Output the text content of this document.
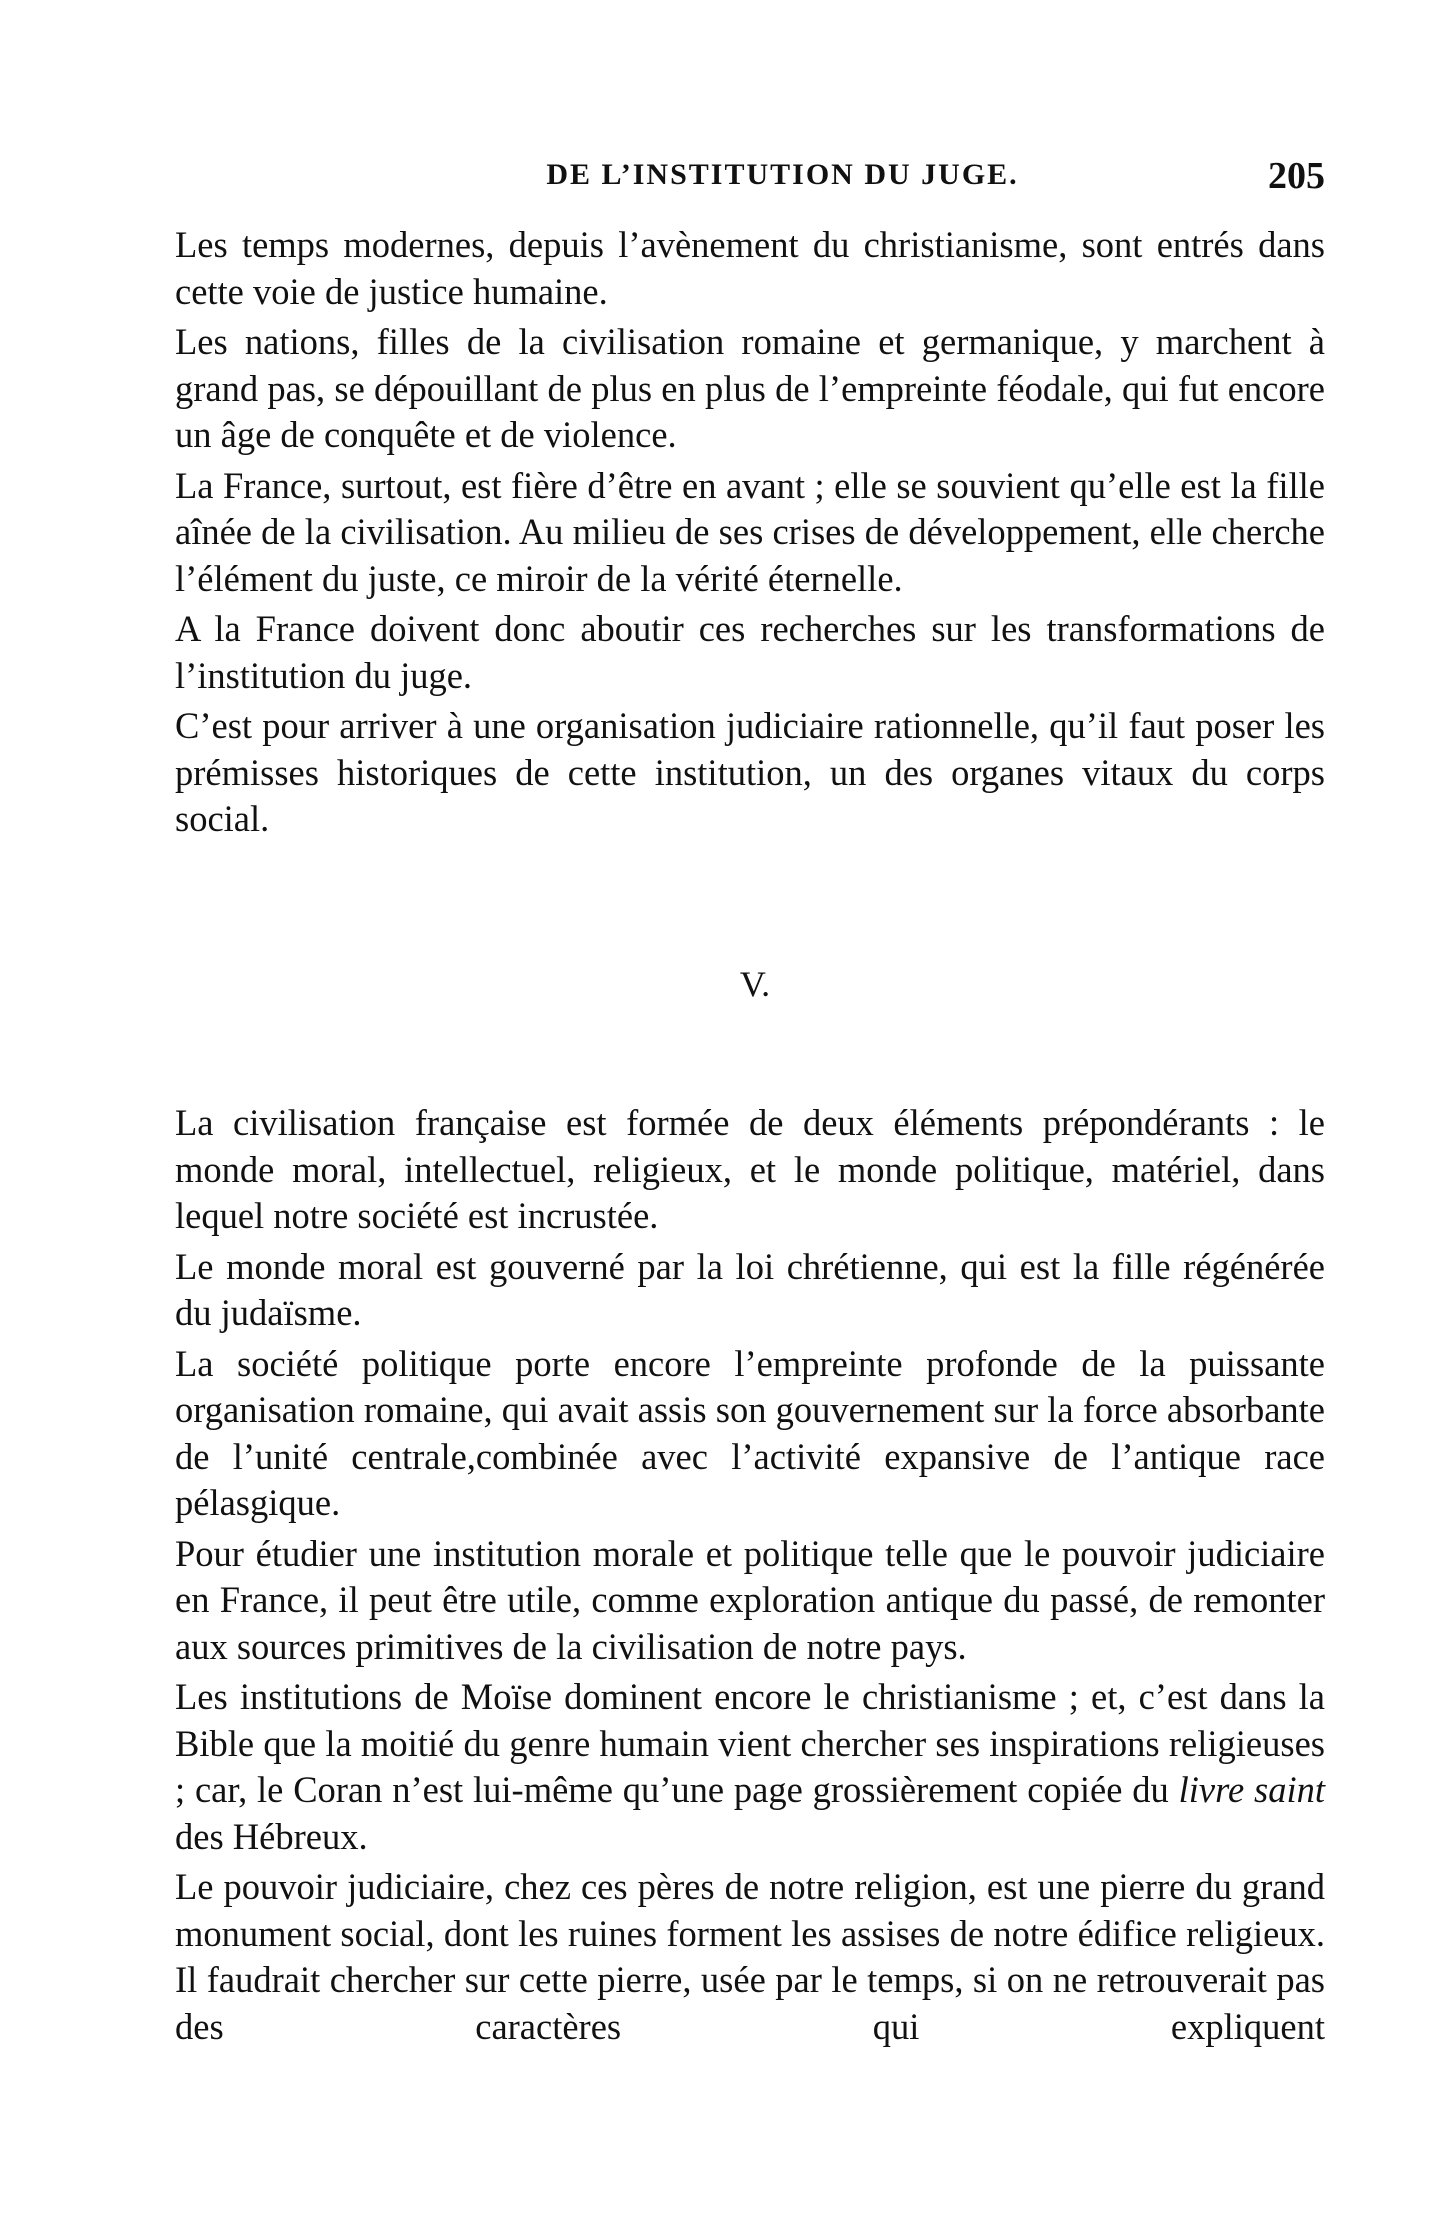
DE L’INSTITUTION DU JUGE.	205

Les temps modernes, depuis l’avènement du christianisme, sont entrés dans cette voie de justice humaine.

Les nations, filles de la civilisation romaine et germanique, y marchent à grand pas, se dépouillant de plus en plus de l’empreinte féodale, qui fut encore un âge de conquête et de violence.

La France, surtout, est fière d’être en avant ; elle se souvient qu’elle est la fille aînée de la civilisation. Au milieu de ses crises de développement, elle cherche l’élément du juste, ce miroir de la vérité éternelle.

A la France doivent donc aboutir ces recherches sur les transformations de l’institution du juge.

C’est pour arriver à une organisation judiciaire rationnelle, qu’il faut poser les prémisses historiques de cette institution, un des organes vitaux du corps social.

V.

La civilisation française est formée de deux éléments prépondérants : le monde moral, intellectuel, religieux, et le monde politique, matériel, dans lequel notre société est incrustée.

Le monde moral est gouverné par la loi chrétienne, qui est la fille régénérée du judaïsme.

La société politique porte encore l’empreinte profonde de la puissante organisation romaine, qui avait assis son gouvernement sur la force absorbante de l’unité centrale,combinée avec l’activité expansive de l’antique race pélasgique.

Pour étudier une institution morale et politique telle que le pouvoir judiciaire en France, il peut être utile, comme exploration antique du passé, de remonter aux sources primitives de la civilisation de notre pays.

Les institutions de Moïse dominent encore le christianisme ; et, c’est dans la Bible que la moitié du genre humain vient chercher ses inspirations religieuses ; car, le Coran n’est lui-même qu’une page grossièrement copiée du livre saint des Hébreux.

Le pouvoir judiciaire, chez ces pères de notre religion, est une pierre du grand monument social, dont les ruines forment les assises de notre édifice religieux. Il faudrait chercher sur cette pierre, usée par le temps, si on ne retrouverait pas des caractères qui expliquent
